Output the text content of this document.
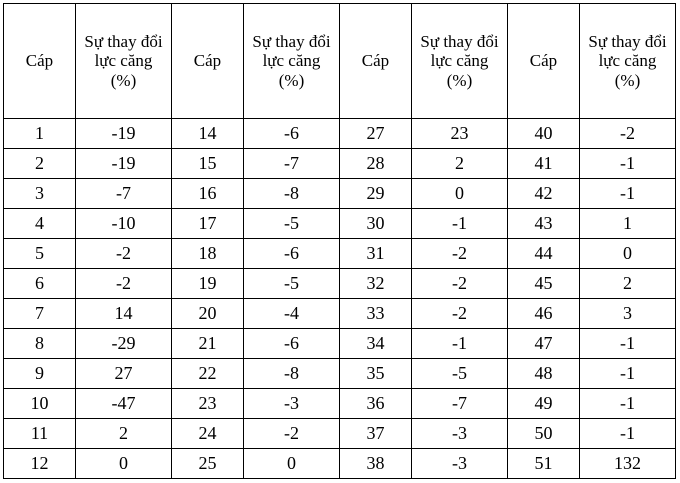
Cáp	Sự thay đổi lực căng (%)	Cáp	Sự thay đổi lực căng (%)	Cáp	Sự thay đổi lực căng (%)	Cáp	Sự thay đổi lực căng (%)
1	-19	14	-6	27	23	40	-2
2	-19	15	-7	28	2	41	-1
3	-7	16	-8	29	0	42	-1
4	-10	17	-5	30	-1	43	1
5	-2	18	-6	31	-2	44	0
6	-2	19	-5	32	-2	45	2
7	14	20	-4	33	-2	46	3
8	-29	21	-6	34	-1	47	-1
9	27	22	-8	35	-5	48	-1
10	-47	23	-3	36	-7	49	-1
11	2	24	-2	37	-3	50	-1
12	0	25	0	38	-3	51	132
